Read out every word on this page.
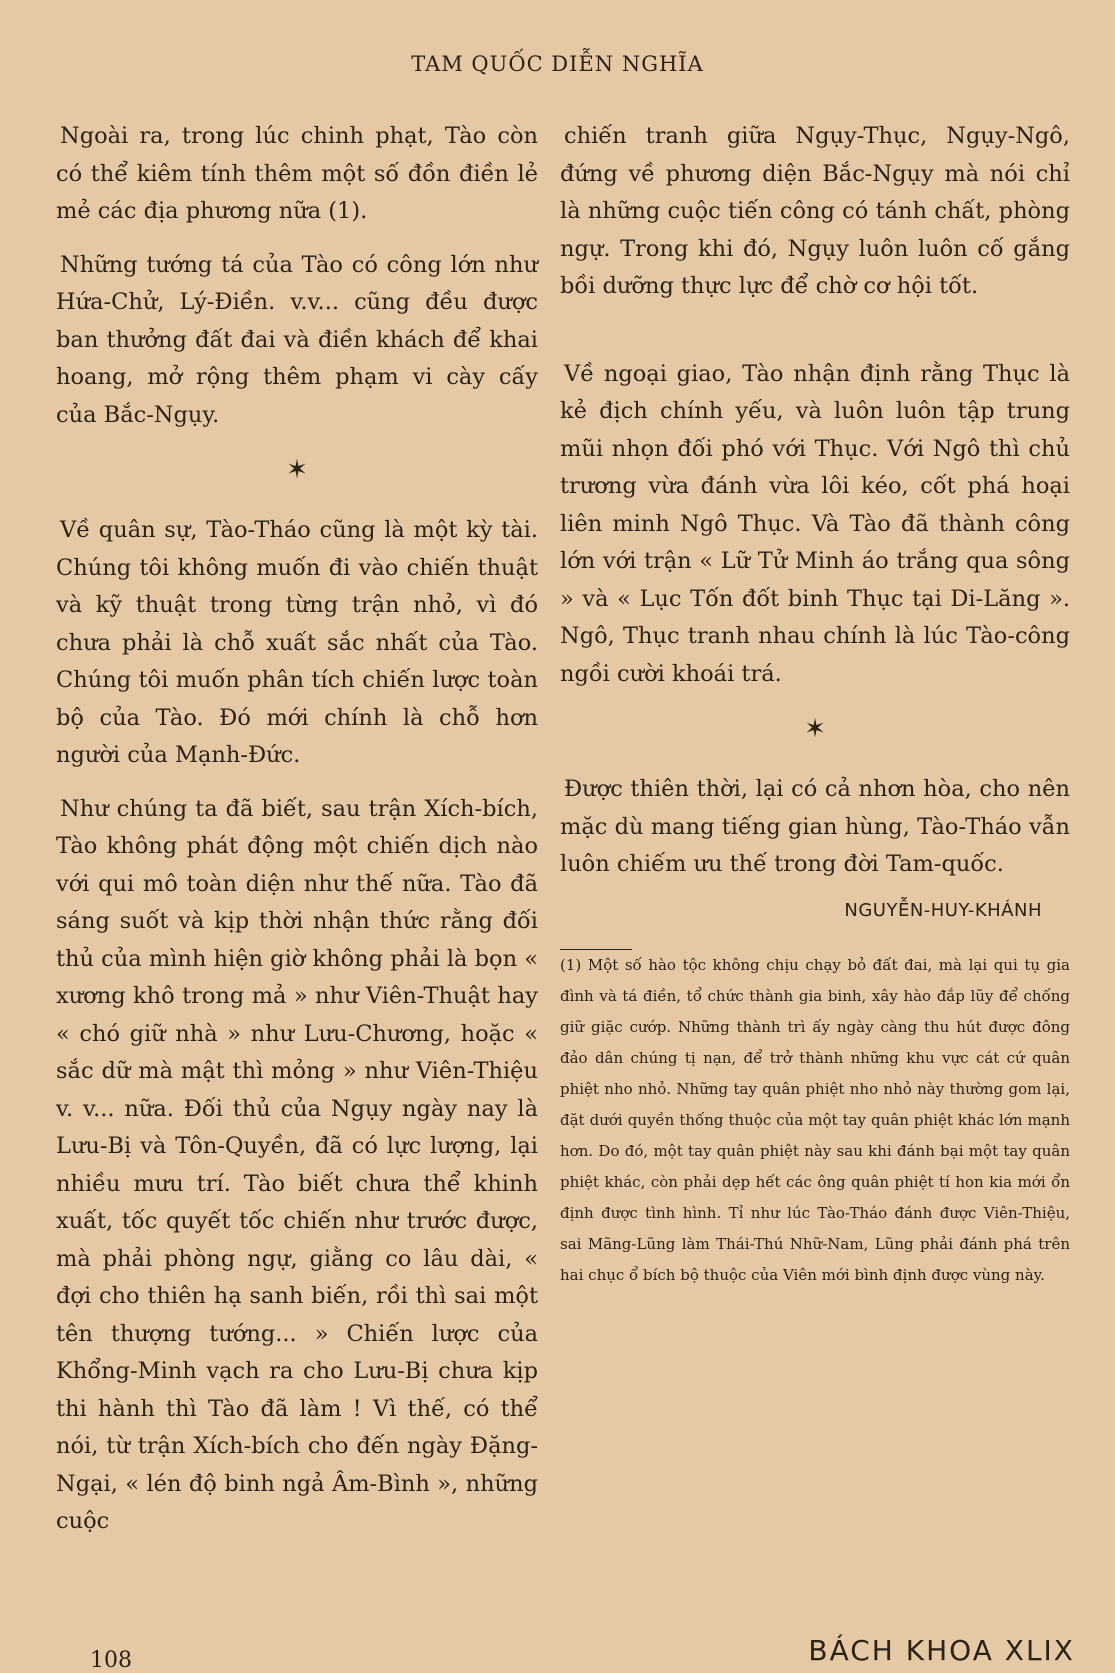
TAM QUỐC DIỄN NGHĨA

Ngoài ra, trong lúc chinh phạt, Tào còn có thể kiêm tính thêm một số đồn điền lẻ mẻ các địa phương nữa (1).

Những tướng tá của Tào có công lớn như Hứa-Chử, Lý-Điền. v.v... cũng đều được ban thưởng đất đai và điền khách để khai hoang, mở rộng thêm phạm vi cày cấy của Bắc-Ngụy.

✶

Về quân sự, Tào-Tháo cũng là một kỳ tài. Chúng tôi không muốn đi vào chiến thuật và kỹ thuật trong từng trận nhỏ, vì đó chưa phải là chỗ xuất sắc nhất của Tào. Chúng tôi muốn phân tích chiến lược toàn bộ của Tào. Đó mới chính là chỗ hơn người của Mạnh-Đức.

Như chúng ta đã biết, sau trận Xích-bích, Tào không phát động một chiến dịch nào với qui mô toàn diện như thế nữa. Tào đã sáng suốt và kịp thời nhận thức rằng đối thủ của mình hiện giờ không phải là bọn « xương khô trong mả » như Viên-Thuật hay « chó giữ nhà » như Lưu-Chương, hoặc « sắc dữ mà mật thì mỏng » như Viên-Thiệu v. v... nữa. Đối thủ của Ngụy ngày nay là Lưu-Bị và Tôn-Quyền, đã có lực lượng, lại nhiều mưu trí. Tào biết chưa thể khinh xuất, tốc quyết tốc chiến như trước được, mà phải phòng ngự, giằng co lâu dài, « đợi cho thiên hạ sanh biến, rồi thì sai một tên thượng tướng... » Chiến lược của Khổng-Minh vạch ra cho Lưu-Bị chưa kịp thi hành thì Tào đã làm ! Vì thế, có thể nói, từ trận Xích-bích cho đến ngày Đặng-Ngại, « lén độ binh ngả Âm-Bình », những cuộc

chiến tranh giữa Ngụy-Thục, Ngụy-Ngô, đứng về phương diện Bắc-Ngụy mà nói chỉ là những cuộc tiến công có tánh chất, phòng ngự. Trong khi đó, Ngụy luôn luôn cố gắng bồi dưỡng thực lực để chờ cơ hội tốt.

Về ngoại giao, Tào nhận định rằng Thục là kẻ địch chính yếu, và luôn luôn tập trung mũi nhọn đối phó với Thục. Với Ngô thì chủ trương vừa đánh vừa lôi kéo, cốt phá hoại liên minh Ngô Thục. Và Tào đã thành công lớn với trận « Lữ Tử Minh áo trắng qua sông » và « Lục Tốn đốt binh Thục tại Di-Lăng ». Ngô, Thục tranh nhau chính là lúc Tào-công ngồi cười khoái trá.

✶

Được thiên thời, lại có cả nhơn hòa, cho nên mặc dù mang tiếng gian hùng, Tào-Tháo vẫn luôn chiếm ưu thế trong đời Tam-quốc.

NGUYỄN-HUY-KHÁNH

(1) Một số hào tộc không chịu chạy bỏ đất đai, mà lại qui tụ gia đình và tá điền, tổ chức thành gia binh, xây hào đắp lũy để chống giữ giặc cướp. Những thành trì ấy ngày càng thu hút được đông đảo dân chúng tị nạn, để trở thành những khu vực cát cứ quân phiệt nho nhỏ. Những tay quân phiệt nho nhỏ này thường gom lại, đặt dưới quyền thống thuộc của một tay quân phiệt khác lớn mạnh hơn. Do đó, một tay quân phiệt này sau khi đánh bại một tay quân phiệt khác, còn phải dẹp hết các ông quân phiệt tí hon kia mới ổn định được tình hình. Tỉ như lúc Tào-Tháo đánh được Viên-Thiệu, sai Mãng-Lũng làm Thái-Thú Nhữ-Nam, Lũng phải đánh phá trên hai chục ổ bích bộ thuộc của Viên mới bình định được vùng này.

108	BÁCH KHOA XLIX
